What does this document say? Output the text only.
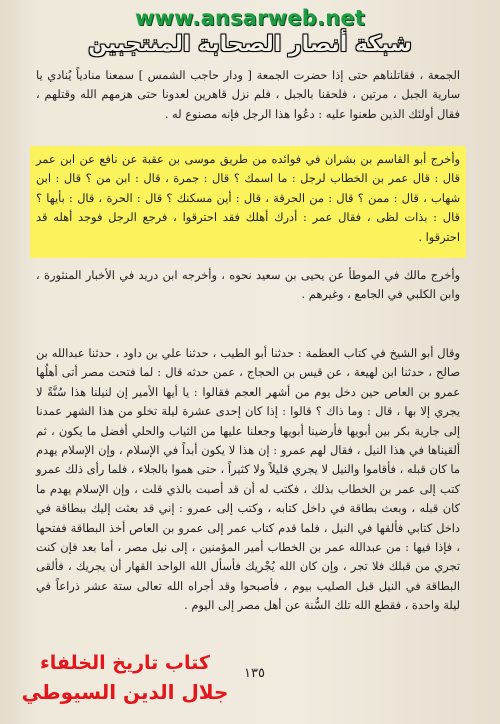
www.ansarweb.net
شبكة أنصار الصحابة المنتجبين

الجمعة ، فقاتلناهم حتى إذا حضرت الجمعة [ ودار حاجب الشمس ] سمعنا منادياً يُنادي يا سارية الجبل ، مرتين ، فلحقنا بالجبل ، فلم نزل قاهرين لعدونا حتى هزمهم الله وقتلهم ، فقال أولئك الذين طعنوا عليه : دعُوا هذا الرجل فإنه مصنوع له .

وأخرج أبو القاسم بن بشران في فوائده من طريق موسى بن عقبة عن نافع عن ابن عمر قال : قال عمر بن الخطاب لرجل : ما اسمك ؟ قال : جمرة ، قال : ابن من ؟ قال : ابن شهاب ، قال : ممن ؟ قال : من الحرقة ، قال : أين مسكنك ؟ قال : الحرة ، قال : بأيها ؟ قال : بذات لظى ، فقال عمر : أدرك أهلك فقد احترقوا ، فرجع الرجل فوجد أهله قد احترقوا .

وأخرج مالك في الموطأ عن يحيى بن سعيد نحوه ، وأخرجه ابن دريد في الأخبار المنثورة ، وابن الكلبي في الجامع ، وغيرهم .

وقال أبو الشيخ في كتاب العظمة : حدثنا أبو الطيب ، حدثنا علي بن داود ، حدثنا عبدالله بن صالح ، حدثنا ابن لهيعة ، عن قيس بن الحجاج ، عمن حدثه قال : لما فتحت مصر أتى أهلُها عمرو بن العاص حين دخل يوم من أشهر العجم فقالوا : يا أيها الأمير إن لنيلنا هذا سُنَّةً لا يجري إلا بها ، قال : وما ذاك ؟ قالوا : إذا كان إحدى عشرة ليلة تخلو من هذا الشهر عمدنا إلى جارية بكر بين أبويها فأرضينا أبويها وجعلنا عليها من الثياب والحلي أفضل ما يكون ، ثم ألقيناها في هذا النيل ، فقال لهم عمرو : إن هذا لا يكون أبداً في الإسلام ، وإن الإسلام يهدم ما كان قبله ، فأقاموا والنيل لا يجري قليلاً ولا كثيراً ، حتى هموا بالجلاء ، فلما رأى ذلك عمرو كتب إلى عمر بن الخطاب بذلك ، فكتب له أن قد أصبت بالذي قلت ، وإن الإسلام يهدم ما كان قبله ، وبعث بطاقة في داخل كتابه ، وكتب إلى عمرو : إني قد بعثت إليك ببطاقة في داخل كتابي فألقها في النيل ، فلما قدم كتاب عمر إلى عمرو بن العاص أخذ البطاقة ففتحها ، فإذا فيها : من عبدالله عمر بن الخطاب أمير المؤمنين ، إلى نيل مصر ، أما بعد فإن كنت تجري من قبلك فلا تجر ، وإن كان الله يُجْريك فأسأل الله الواحد القهار أن يجريك ، فألقى البطاقة في النيل قبل الصليب بيوم ، فأصبحوا وقد أجراه الله تعالى ستة عشر ذراعاً في ليلة واحدة ، فقطع الله تلك السُّنة عن أهل مصر إلى اليوم .

١٣٥
كتاب تاريخ الخلفاء
جلال الدين السيوطي
